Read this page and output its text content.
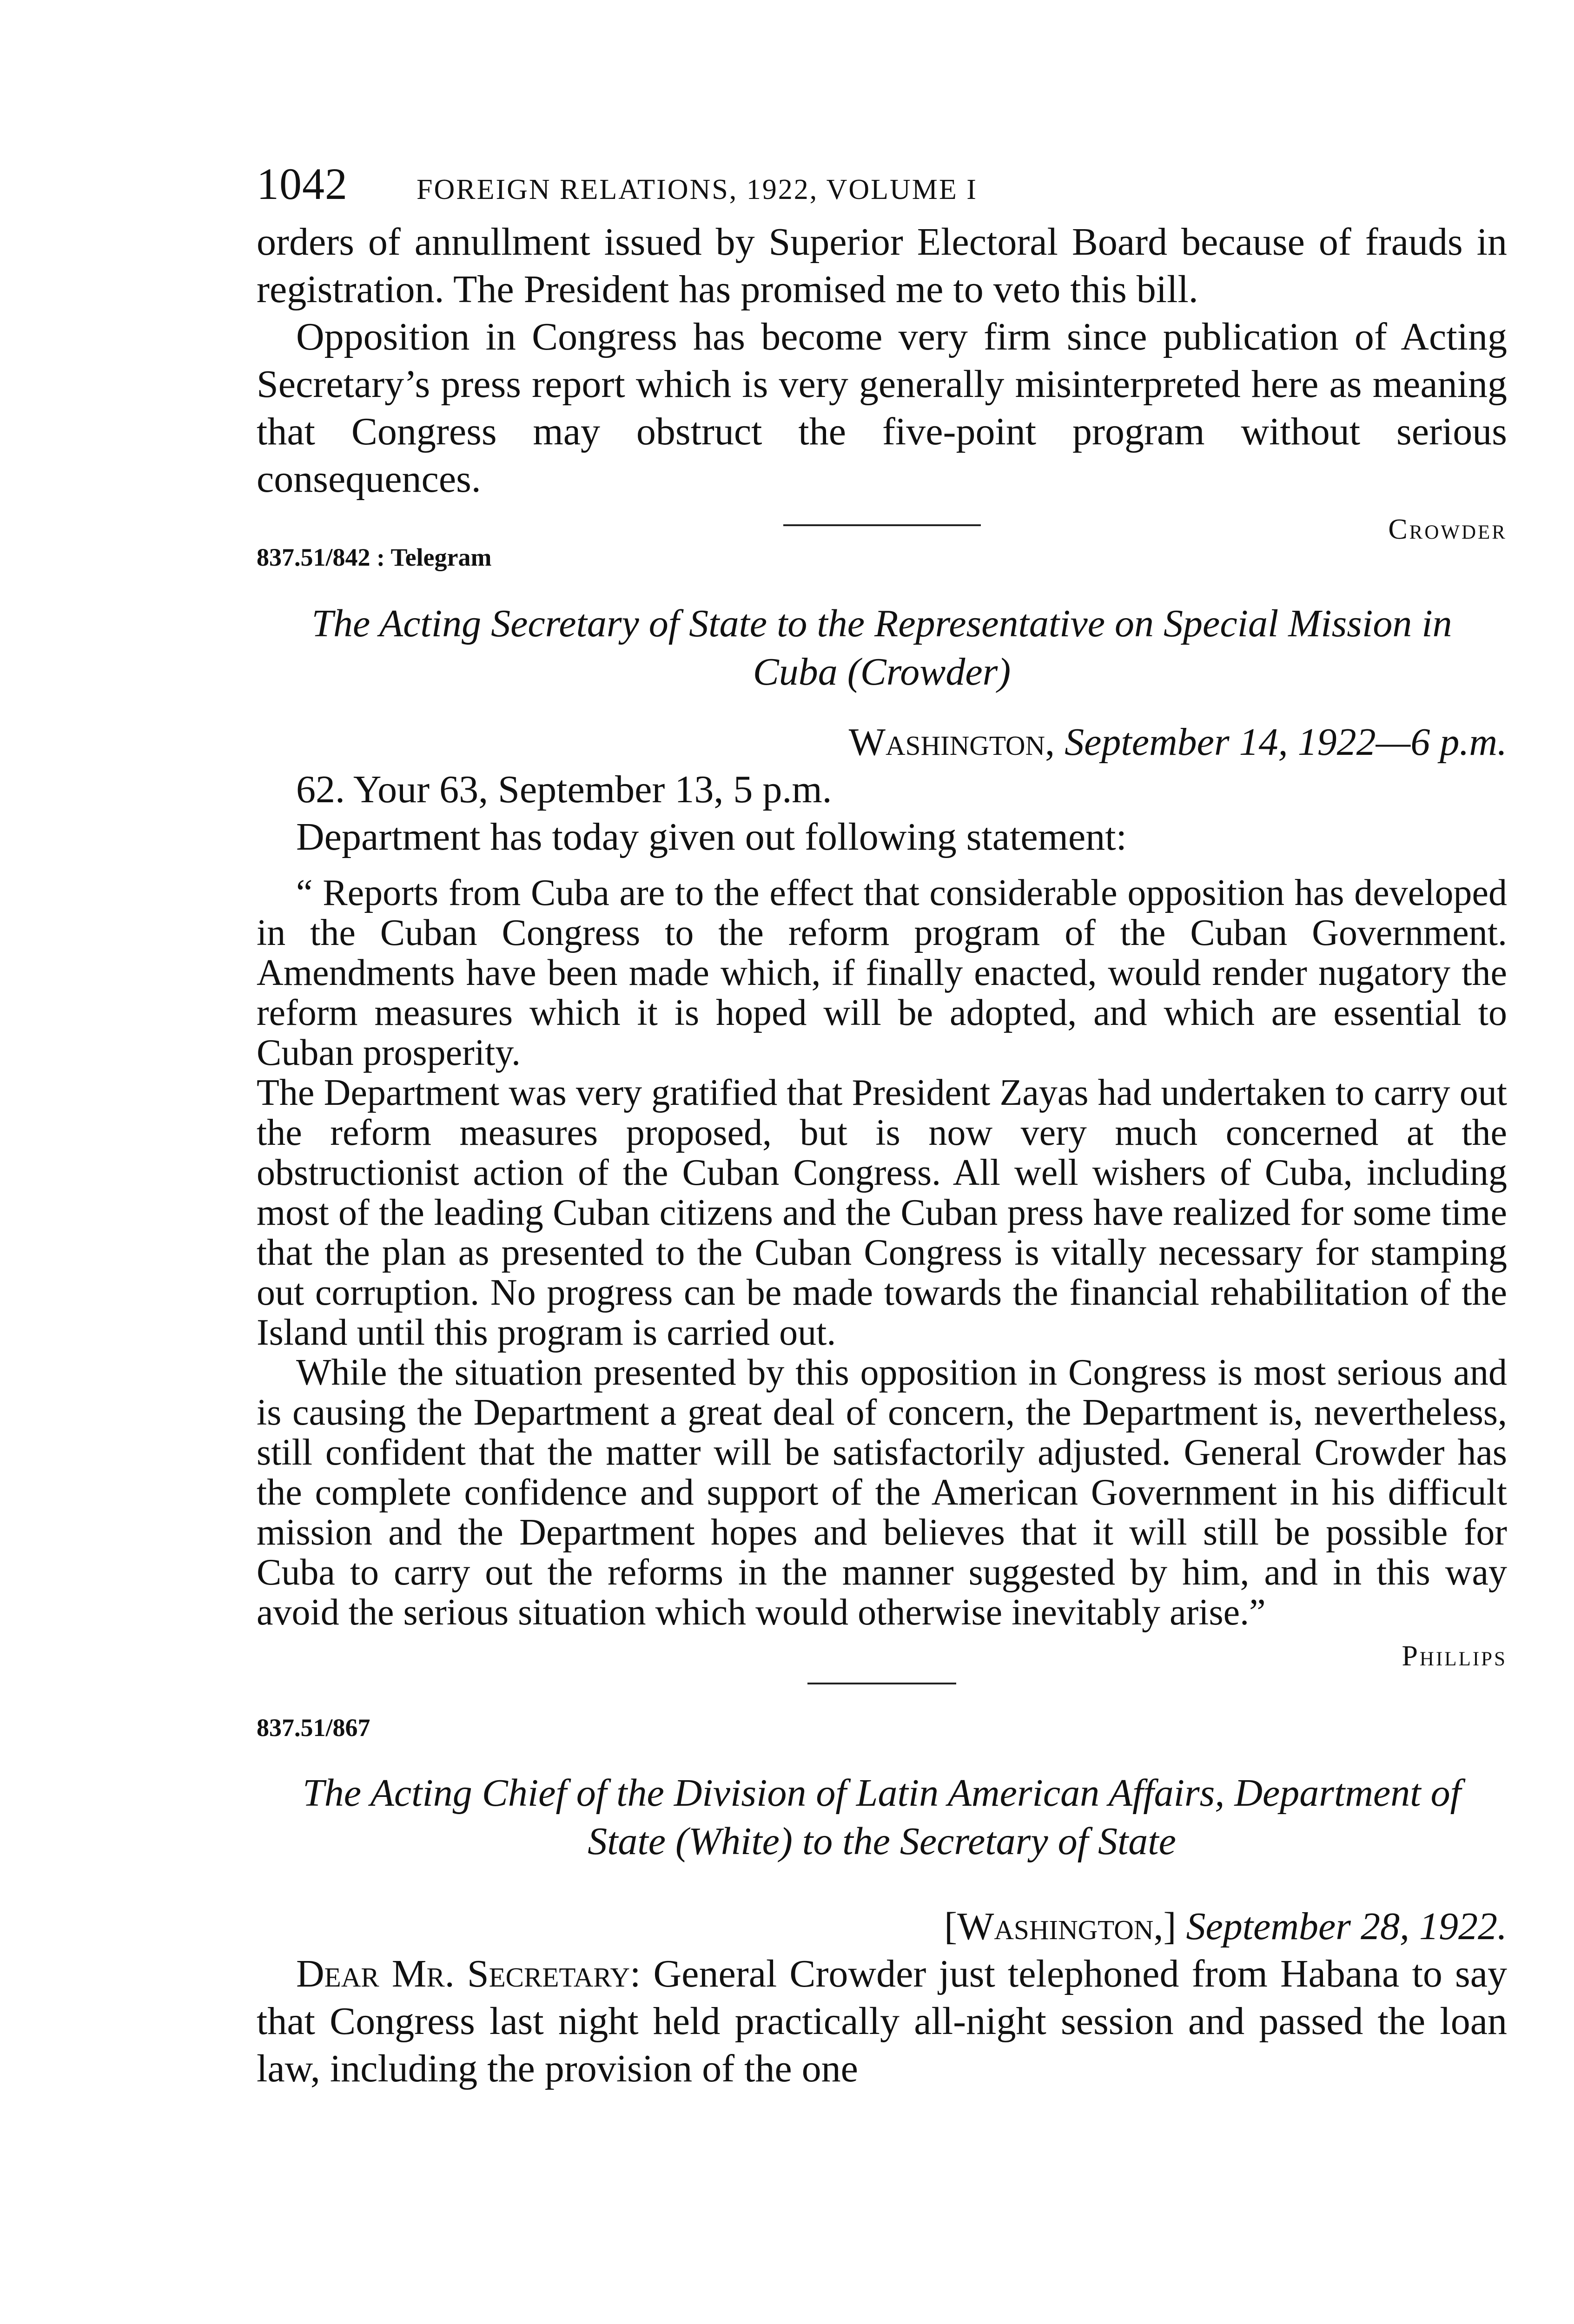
1042 FOREIGN RELATIONS, 1922, VOLUME I

orders of annullment issued by Superior Electoral Board because of frauds in registration. The President has promised me to veto this bill.

Opposition in Congress has become very firm since publication of Acting Secretary’s press report which is very generally misinterpreted here as meaning that Congress may obstruct the five-point program without serious consequences.

Crowder

837.51/842 : Telegram

The Acting Secretary of State to the Representative on Special Mission in Cuba (Crowder)

Washington, September 14, 1922—6 p.m.

62. Your 63, September 13, 5 p.m.

Department has today given out following statement:

“ Reports from Cuba are to the effect that considerable opposition has developed in the Cuban Congress to the reform program of the Cuban Government. Amendments have been made which, if finally enacted, would render nugatory the reform measures which it is hoped will be adopted, and which are essential to Cuban prosperity.

The Department was very gratified that President Zayas had undertaken to carry out the reform measures proposed, but is now very much concerned at the obstructionist action of the Cuban Congress. All well wishers of Cuba, including most of the leading Cuban citizens and the Cuban press have realized for some time that the plan as presented to the Cuban Congress is vitally necessary for stamping out corruption. No progress can be made towards the financial rehabilitation of the Island until this program is carried out.

While the situation presented by this opposition in Congress is most serious and is causing the Department a great deal of concern, the Department is, nevertheless, still confident that the matter will be satisfactorily adjusted. General Crowder has the complete confidence and support of the American Government in his difficult mission and the Department hopes and believes that it will still be possible for Cuba to carry out the reforms in the manner suggested by him, and in this way avoid the serious situation which would otherwise inevitably arise.”

Phillips

837.51/867

The Acting Chief of the Division of Latin American Affairs, Department of State (White) to the Secretary of State

[Washington,] September 28, 1922.

Dear Mr. Secretary: General Crowder just telephoned from Habana to say that Congress last night held practically all-night session and passed the loan law, including the provision of the one
